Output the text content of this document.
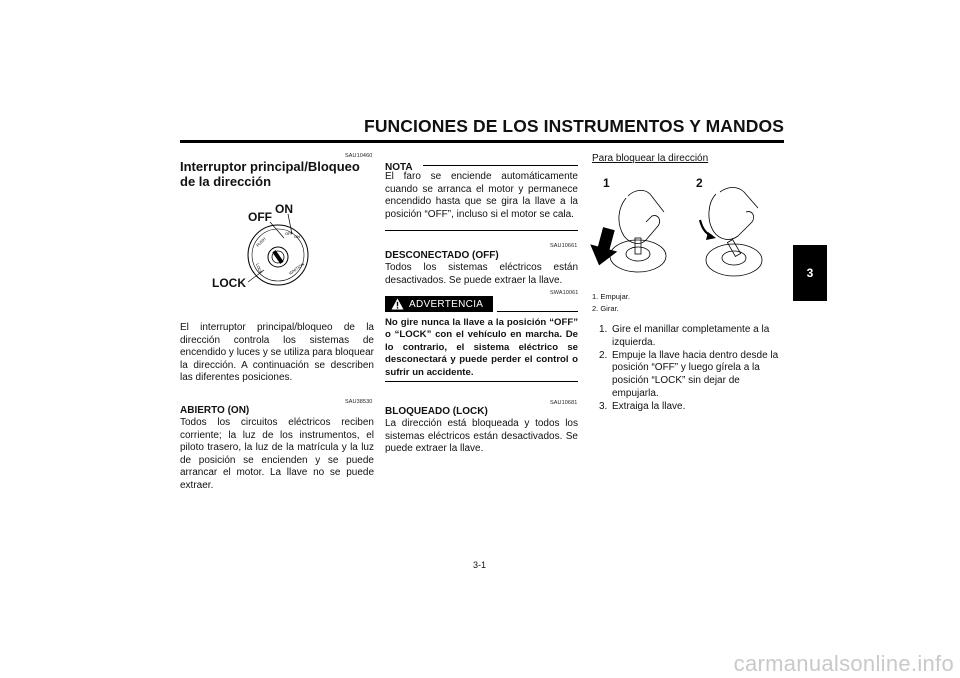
FUNCIONES DE LOS INSTRUMENTOS Y MANDOS
3
SAU10460
Interruptor principal/Bloqueo de la dirección
PUSH
OFF
ON
IGNITION
LOCK
OFF
ON
LOCK
El interruptor principal/bloqueo de la dirección controla los sistemas de encendido y luces y se utiliza para bloquear la dirección. A continuación se describen las diferentes posiciones.
SAU38530
ABIERTO (ON)
Todos los circuitos eléctricos reciben corriente; la luz de los instrumentos, el piloto trasero, la luz de la matrícula y la luz de posición se encienden y se puede arrancar el motor. La llave no se puede extraer.
NOTA
El faro se enciende automáticamente cuando se arranca el motor y permanece encendido hasta que se gira la llave a la posición “OFF”, incluso si el motor se cala.
SAU10661
DESCONECTADO (OFF)
Todos los sistemas eléctricos están desactivados. Se puede extraer la llave.
SWA10061
ADVERTENCIA
No gire nunca la llave a la posición “OFF” o “LOCK” con el vehículo en marcha. De lo contrario, el sistema eléctrico se desconectará y puede perder el control o sufrir un accidente.
SAU10681
BLOQUEADO (LOCK)
La dirección está bloqueada y todos los sistemas eléctricos están desactivados. Se puede extraer la llave.
Para bloquear la dirección
1	2
1. Empujar.
2. Girar.
1. Gire el manillar completamente a la izquierda.
2. Empuje la llave hacia dentro desde la posición “OFF” y luego gírela a la posición “LOCK” sin dejar de empujarla.
3. Extraiga la llave.
3-1
carmanualsonline.info
